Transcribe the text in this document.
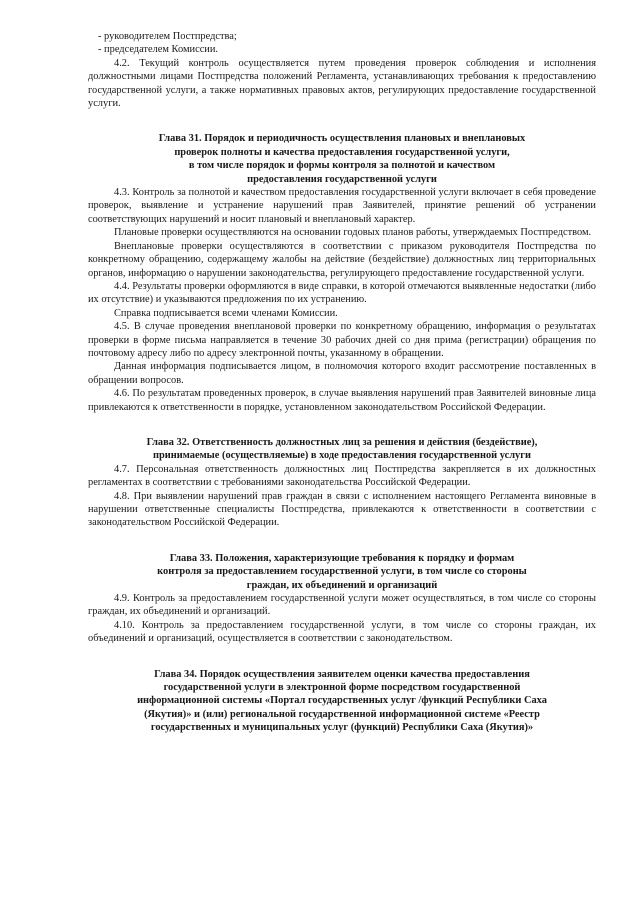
- руководителем Постпредства;

- председателем Комиссии.

4.2. Текущий контроль осуществляется путем проведения проверок соблюдения и исполнения должностными лицами Постпредства положений Регламента, устанавливающих требования к предоставлению государственной услуги, а также нормативных правовых актов, регулирующих предоставление государственной услуги.

Глава 31. Порядок и периодичность осуществления плановых и внеплановых

проверок полноты и качества предоставления государственной услуги,

в том числе порядок и формы контроля за полнотой и качеством

предоставления государственной услуги

4.3. Контроль за полнотой и качеством предоставления государственной услуги включает в себя проведение проверок, выявление и устранение нарушений прав Заявителей, принятие решений об устранении соответствующих нарушений и носит плановый и внеплановый характер.

Плановые проверки осуществляются на основании годовых планов работы, утверждаемых Постпредством.

Внеплановые проверки осуществляются в соответствии с приказом руководителя Постпредства по конкретному обращению, содержащему жалобы на действие (бездействие) должностных лиц территориальных органов, информацию о нарушении законодательства, регулирующего предоставление государственной услуги.

4.4. Результаты проверки оформляются в виде справки, в которой отмечаются выявленные недостатки (либо их отсутствие) и указываются предложения по их устранению.

Справка подписывается всеми членами Комиссии.

4.5. В случае проведения внеплановой проверки по конкретному обращению, информация о результатах проверки в форме письма направляется в течение 30 рабочих дней со дня прима (регистрации) обращения по почтовому адресу либо по адресу электронной почты, указанному в обращении.

Данная информация подписывается лицом, в полномочия которого входит рассмотрение поставленных в обращении вопросов.

4.6. По результатам проведенных проверок, в случае выявления нарушений прав Заявителей виновные лица привлекаются к ответственности в порядке, установленном законодательством Российской Федерации.

Глава 32. Ответственность должностных лиц за решения и действия (бездействие),

принимаемые (осуществляемые) в ходе предоставления государственной услуги

4.7. Персональная ответственность должностных лиц Постпредства закрепляется в их должностных регламентах в соответствии с требованиями законодательства Российской Федерации.

4.8. При выявлении нарушений прав граждан в связи с исполнением настоящего Регламента виновные в нарушении ответственные специалисты Постпредства, привлекаются к ответственности в соответствии с законодательством Российской Федерации.

Глава 33. Положения, характеризующие требования к порядку и формам

контроля за предоставлением государственной услуги, в том числе со стороны

граждан, их объединений и организаций

4.9. Контроль за предоставлением государственной услуги может осуществляться, в том числе со стороны граждан, их объединений и организаций.

4.10. Контроль за предоставлением государственной услуги, в том числе со стороны граждан, их объединений и организаций, осуществляется в соответствии с законодательством.

Глава 34. Порядок осуществления заявителем оценки качества предоставления

государственной услуги в электронной форме посредством государственной

информационной системы «Портал государственных услуг /функций Республики Саха

(Якутия)» и (или) региональной государственной информационной системе «Реестр

государственных и муниципальных услуг (функций) Республики Саха (Якутия)»
